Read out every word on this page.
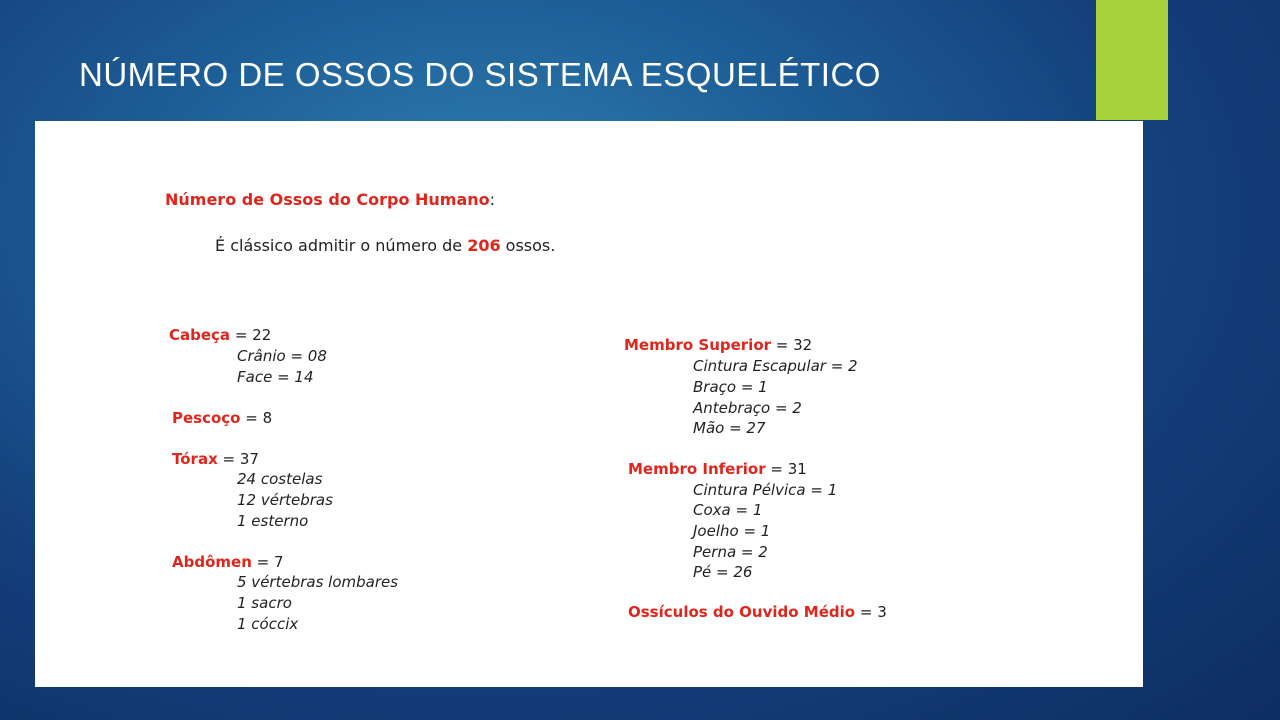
NÚMERO DE OSSOS DO SISTEMA ESQUELÉTICO
Número de Ossos do Corpo Humano:
É clássico admitir o número de 206 ossos.
Cabeça = 22
Crânio = 08
Face = 14
Pescoço = 8
Tórax = 37
24 costelas
12 vértebras
1 esterno
Abdômen = 7
5 vértebras lombares
1 sacro
1 cóccix
Membro Superior = 32
Cintura Escapular = 2
Braço = 1
Antebraço = 2
Mão = 27
Membro Inferior = 31
Cintura Pélvica = 1
Coxa = 1
Joelho = 1
Perna = 2
Pé = 26
Ossículos do Ouvido Médio = 3
